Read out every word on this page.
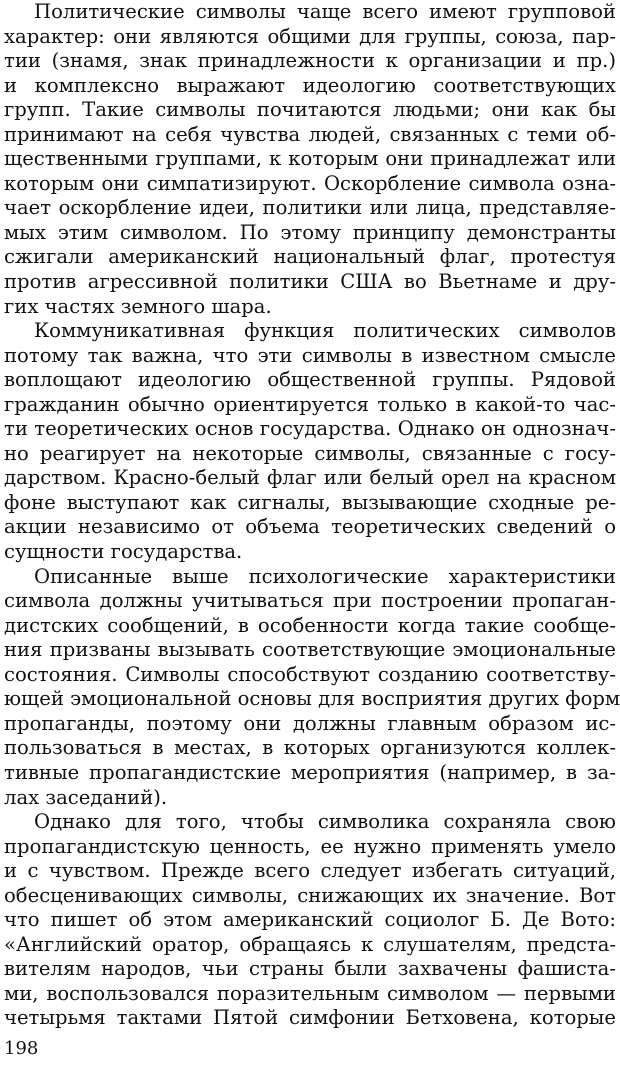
Политические символы чаще всего имеют групповой
характер: они являются общими для группы, союза, пар-
тии (знамя, знак принадлежности к организации и пр.)
и комплексно выражают идеологию соответствующих
групп. Такие символы почитаются людьми; они как бы
принимают на себя чувства людей, связанных с теми об-
щественными группами, к которым они принадлежат или
которым они симпатизируют. Оскорбление символа озна-
чает оскорбление идеи, политики или лица, представляе-
мых этим символом. По этому принципу демонстранты
сжигали американский национальный флаг, протестуя
против агрессивной политики США во Вьетнаме и дру-
гих частях земного шара.
Коммуникативная функция политических символов
потому так важна, что эти символы в известном смысле
воплощают идеологию общественной группы. Рядовой
гражданин обычно ориентируется только в какой-то час-
ти теоретических основ государства. Однако он однознач-
но реагирует на некоторые символы, связанные с госу-
дарством. Красно-белый флаг или белый орел на красном
фоне выступают как сигналы, вызывающие сходные ре-
акции независимо от объема теоретических сведений о
сущности государства.
Описанные выше психологические характеристики
символа должны учитываться при построении пропаган-
дистских сообщений, в особенности когда такие сообще-
ния призваны вызывать соответствующие эмоциональные
состояния. Символы способствуют созданию соответству-
ющей эмоциональной основы для восприятия других форм
пропаганды, поэтому они должны главным образом ис-
пользоваться в местах, в которых организуются коллек-
тивные пропагандистские мероприятия (например, в за-
лах заседаний).
Однако для того, чтобы символика сохраняла свою
пропагандистскую ценность, ее нужно применять умело
и с чувством. Прежде всего следует избегать ситуаций,
обесценивающих символы, снижающих их значение. Вот
что пишет об этом американский социолог Б. Де Вото:
«Английский оратор, обращаясь к слушателям, предста-
вителям народов, чьи страны были захвачены фашиста-
ми, воспользовался поразительным символом — первыми
четырьмя тактами Пятой симфонии Бетховена, которые
198
